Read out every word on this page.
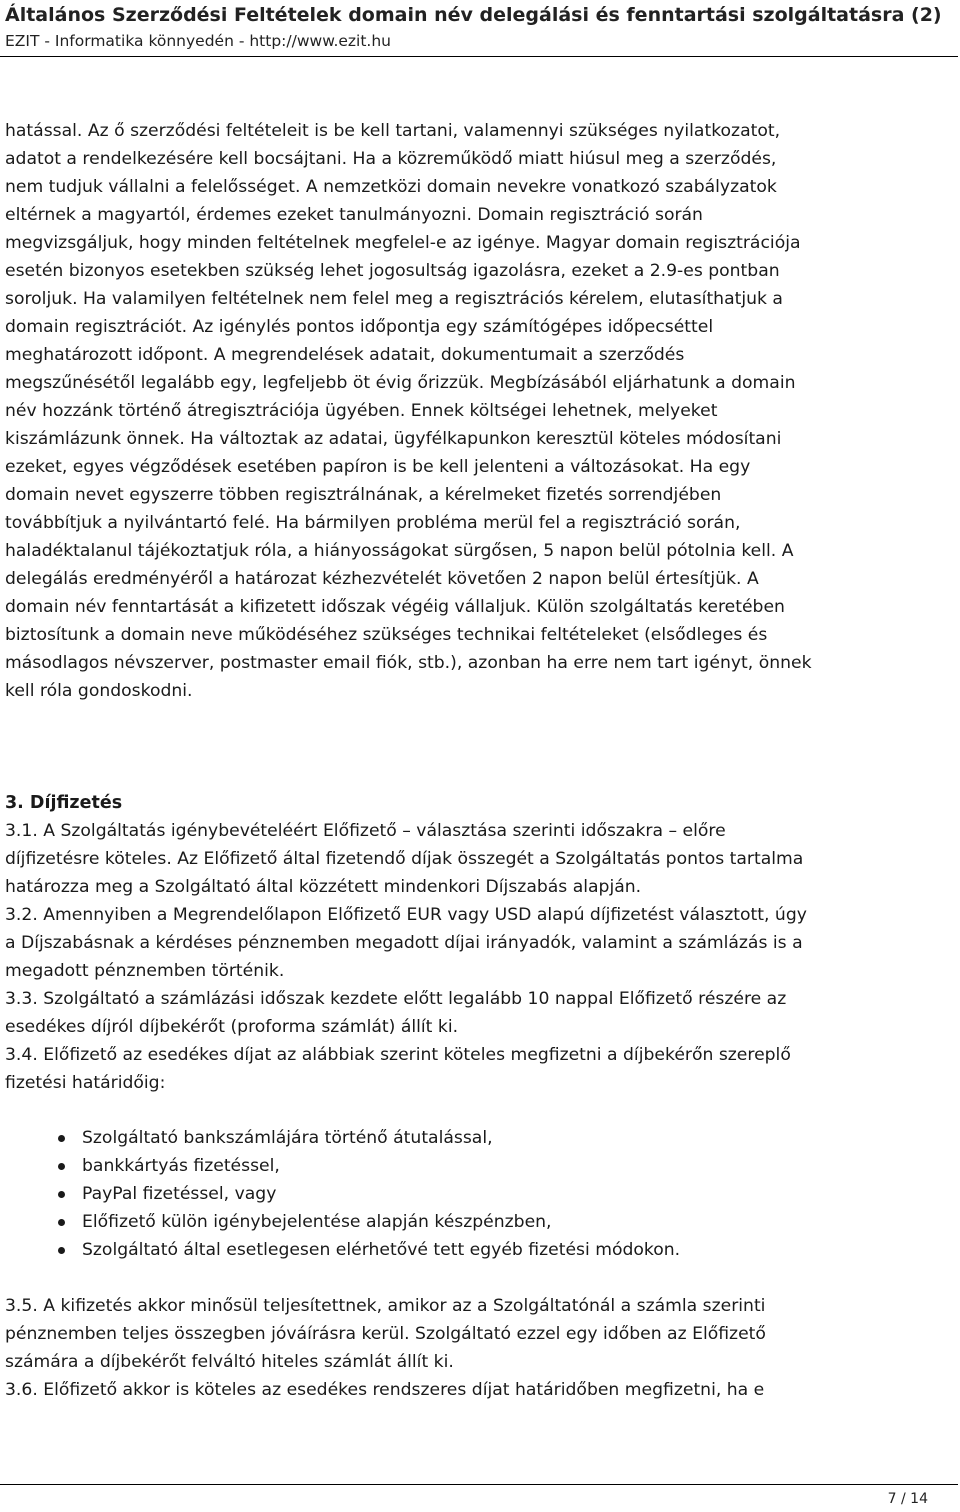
Általános Szerződési Feltételek domain név delegálási és fenntartási szolgáltatásra (2)
EZIT - Informatika könnyedén - http://www.ezit.hu

hatással. Az ő szerződési feltételeit is be kell tartani, valamennyi szükséges nyilatkozatot,

adatot a rendelkezésére kell bocsájtani. Ha a közreműködő miatt hiúsul meg a szerződés,

nem tudjuk vállalni a felelősséget. A nemzetközi domain nevekre vonatkozó szabályzatok

eltérnek a magyartól, érdemes ezeket tanulmányozni. Domain regisztráció során

megvizsgáljuk, hogy minden feltételnek megfelel-e az igénye. Magyar domain regisztrációja

esetén bizonyos esetekben szükség lehet jogosultság igazolásra, ezeket a 2.9-es pontban

soroljuk. Ha valamilyen feltételnek nem felel meg a regisztrációs kérelem, elutasíthatjuk a

domain regisztrációt. Az igénylés pontos időpontja egy számítógépes időpecséttel

meghatározott időpont. A megrendelések adatait, dokumentumait a szerződés

megszűnésétől legalább egy, legfeljebb öt évig őrizzük. Megbízásából eljárhatunk a domain

név hozzánk történő átregisztrációja ügyében. Ennek költségei lehetnek, melyeket

kiszámlázunk önnek. Ha változtak az adatai, ügyfélkapunkon keresztül köteles módosítani

ezeket, egyes végződések esetében papíron is be kell jelenteni a változásokat. Ha egy

domain nevet egyszerre többen regisztrálnának, a kérelmeket fizetés sorrendjében

továbbítjuk a nyilvántartó felé. Ha bármilyen probléma merül fel a regisztráció során,

haladéktalanul tájékoztatjuk róla, a hiányosságokat sürgősen, 5 napon belül pótolnia kell. A

delegálás eredményéről a határozat kézhezvételét követően 2 napon belül értesítjük. A

domain név fenntartását a kifizetett időszak végéig vállaljuk. Külön szolgáltatás keretében

biztosítunk a domain neve működéséhez szükséges technikai feltételeket (elsődleges és

másodlagos névszerver, postmaster email fiók, stb.), azonban ha erre nem tart igényt, önnek

kell róla gondoskodni.

3. Díjfizetés

3.1. A Szolgáltatás igénybevételéért Előfizető – választása szerinti időszakra – előre

díjfizetésre köteles. Az Előfizető által fizetendő díjak összegét a Szolgáltatás pontos tartalma

határozza meg a Szolgáltató által közzétett mindenkori Díjszabás alapján.

3.2. Amennyiben a Megrendelőlapon Előfizető EUR vagy USD alapú díjfizetést választott, úgy

a Díjszabásnak a kérdéses pénznemben megadott díjai irányadók, valamint a számlázás is a

megadott pénznemben történik.

3.3. Szolgáltató a számlázási időszak kezdete előtt legalább 10 nappal Előfizető részére az

esedékes díjról díjbekérőt (proforma számlát) állít ki.

3.4. Előfizető az esedékes díjat az alábbiak szerint köteles megfizetni a díjbekérőn szereplő

fizetési határidőig:

Szolgáltató bankszámlájára történő átutalással,
bankkártyás fizetéssel,
PayPal fizetéssel, vagy
Előfizető külön igénybejelentése alapján készpénzben,
Szolgáltató által esetlegesen elérhetővé tett egyéb fizetési módokon.

3.5. A kifizetés akkor minősül teljesítettnek, amikor az a Szolgáltatónál a számla szerinti

pénznemben teljes összegben jóváírásra kerül. Szolgáltató ezzel egy időben az Előfizető

számára a díjbekérőt felváltó hiteles számlát állít ki.

3.6. Előfizető akkor is köteles az esedékes rendszeres díjat határidőben megfizetni, ha e

7 / 14
